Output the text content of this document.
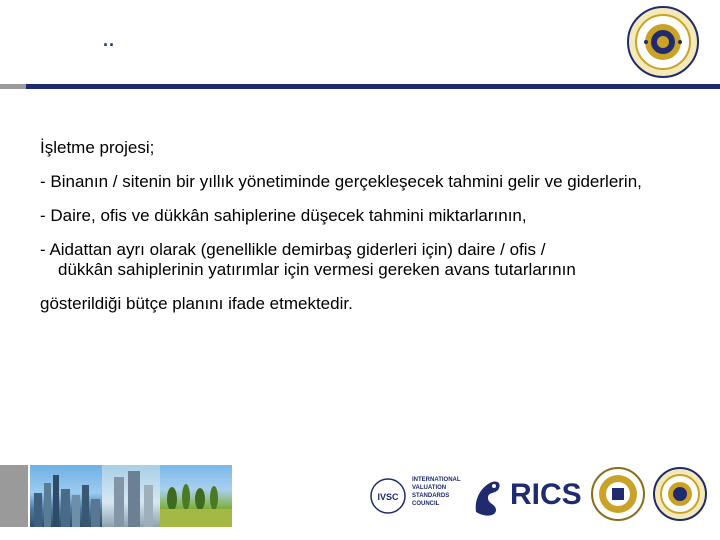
..

İşletme projesi;

- Binanın / sitenin bir yıllık yönetiminde gerçekleşecek tahmini gelir ve giderlerin,

- Daire, ofis ve dükkân sahiplerine düşecek tahmini miktarlarının,

- Aidattan ayrı olarak (genellikle demirbaş giderleri için) daire / ofis /
dükkân sahiplerinin yatırımlar için vermesi gereken avans tutarlarının

gösterildiği bütçe planını ifade etmektedir.

IVSC
INTERNATIONAL VALUATION STANDARDS COUNCIL	RICS
